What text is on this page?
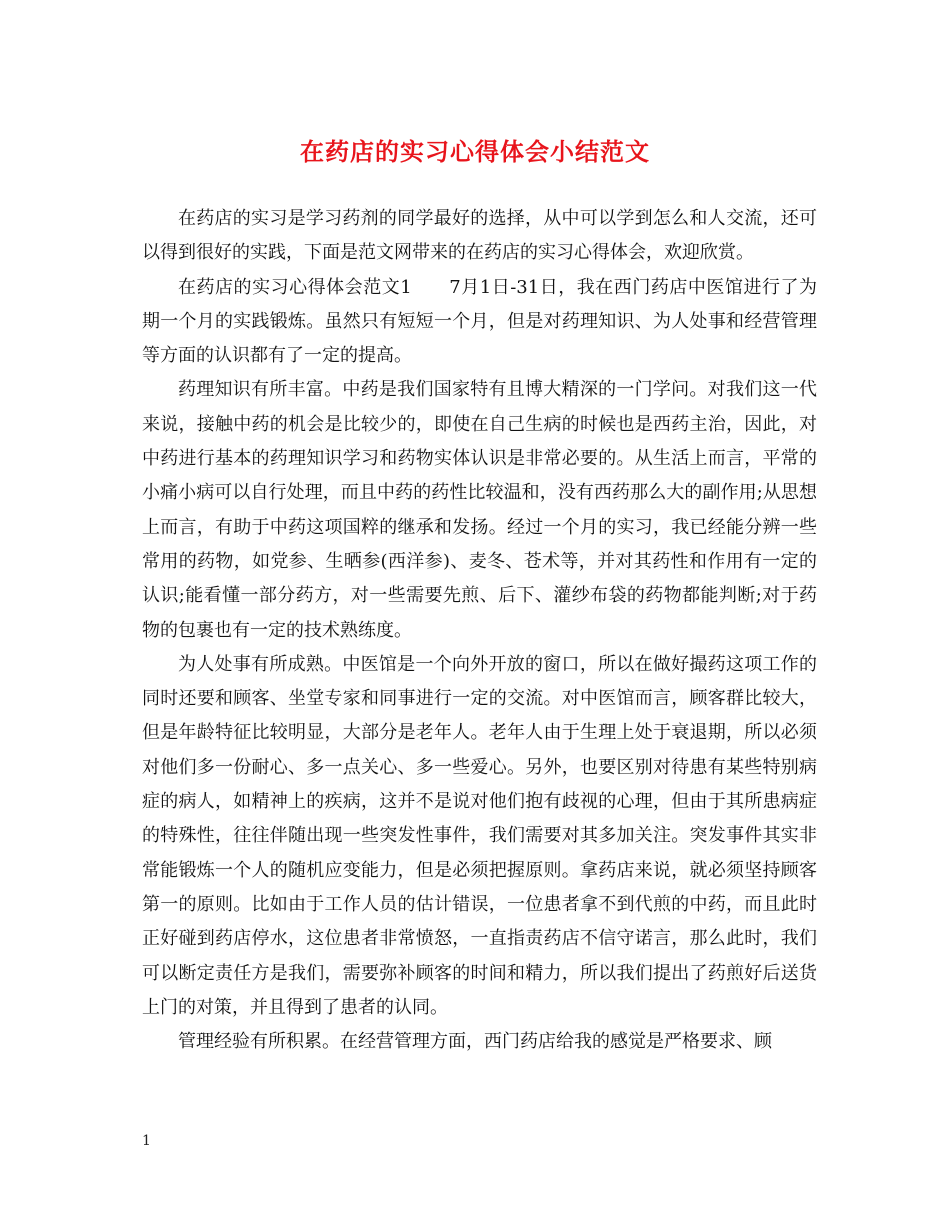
在药店的实习心得体会小结范文

在药店的实习是学习药剂的同学最好的选择，从中可以学到怎么和人交流，还可以得到很好的实践，下面是范文网带来的在药店的实习心得体会，欢迎欣赏。

在药店的实习心得体会范文1　　7月1日-31日，我在西门药店中医馆进行了为期一个月的实践锻炼。虽然只有短短一个月，但是对药理知识、为人处事和经营管理等方面的认识都有了一定的提高。

药理知识有所丰富。中药是我们国家特有且博大精深的一门学问。对我们这一代来说，接触中药的机会是比较少的，即使在自己生病的时候也是西药主治，因此，对中药进行基本的药理知识学习和药物实体认识是非常必要的。从生活上而言，平常的小痛小病可以自行处理，而且中药的药性比较温和，没有西药那么大的副作用;从思想上而言，有助于中药这项国粹的继承和发扬。经过一个月的实习，我已经能分辨一些常用的药物，如党参、生晒参(西洋参)、麦冬、苍术等，并对其药性和作用有一定的认识;能看懂一部分药方，对一些需要先煎、后下、灌纱布袋的药物都能判断;对于药物的包裹也有一定的技术熟练度。

为人处事有所成熟。中医馆是一个向外开放的窗口，所以在做好撮药这项工作的同时还要和顾客、坐堂专家和同事进行一定的交流。对中医馆而言，顾客群比较大，但是年龄特征比较明显，大部分是老年人。老年人由于生理上处于衰退期，所以必须对他们多一份耐心、多一点关心、多一些爱心。另外，也要区别对待患有某些特别病症的病人，如精神上的疾病，这并不是说对他们抱有歧视的心理，但由于其所患病症的特殊性，往往伴随出现一些突发性事件，我们需要对其多加关注。突发事件其实非常能锻炼一个人的随机应变能力，但是必须把握原则。拿药店来说，就必须坚持顾客第一的原则。比如由于工作人员的估计错误，一位患者拿不到代煎的中药，而且此时正好碰到药店停水，这位患者非常愤怒，一直指责药店不信守诺言，那么此时，我们可以断定责任方是我们，需要弥补顾客的时间和精力，所以我们提出了药煎好后送货上门的对策，并且得到了患者的认同。

管理经验有所积累。在经营管理方面，西门药店给我的感觉是严格要求、顾

1
